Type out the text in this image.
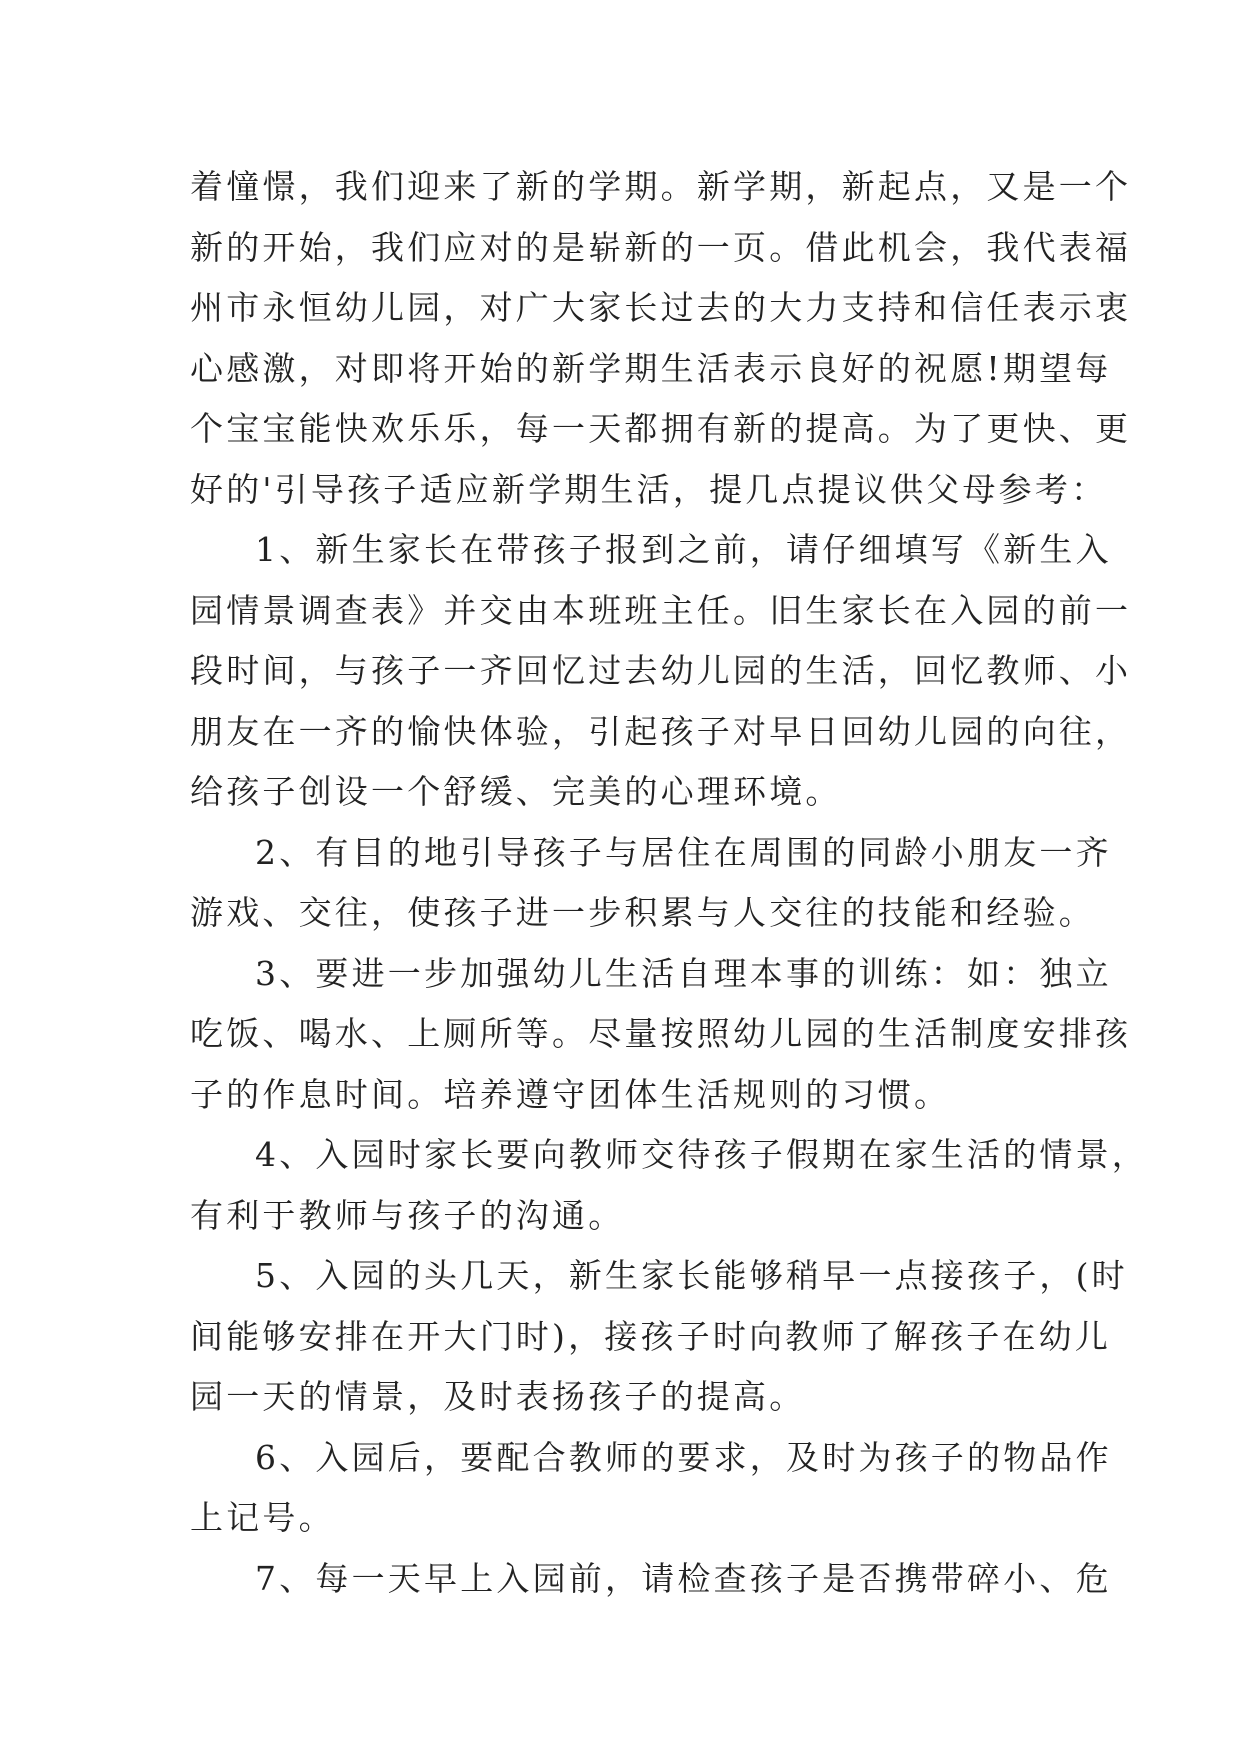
着憧憬，我们迎来了新的学期。新学期，新起点，又是一个
新的开始，我们应对的是崭新的一页。借此机会，我代表福
州市永恒幼儿园，对广大家长过去的大力支持和信任表示衷
心感激，对即将开始的新学期生活表示良好的祝愿!期望每
个宝宝能快欢乐乐，每一天都拥有新的提高。为了更快、更
好的'引导孩子适应新学期生活，提几点提议供父母参考：
1、新生家长在带孩子报到之前，请仔细填写《新生入
园情景调查表》并交由本班班主任。旧生家长在入园的前一
段时间，与孩子一齐回忆过去幼儿园的生活，回忆教师、小
朋友在一齐的愉快体验，引起孩子对早日回幼儿园的向往，
给孩子创设一个舒缓、完美的心理环境。
2、有目的地引导孩子与居住在周围的同龄小朋友一齐
游戏、交往，使孩子进一步积累与人交往的技能和经验。
3、要进一步加强幼儿生活自理本事的训练：如：独立
吃饭、喝水、上厕所等。尽量按照幼儿园的生活制度安排孩
子的作息时间。培养遵守团体生活规则的习惯。
4、入园时家长要向教师交待孩子假期在家生活的情景，
有利于教师与孩子的沟通。
5、入园的头几天，新生家长能够稍早一点接孩子，(时
间能够安排在开大门时)，接孩子时向教师了解孩子在幼儿
园一天的情景，及时表扬孩子的提高。
6、入园后，要配合教师的要求，及时为孩子的物品作
上记号。
7、每一天早上入园前，请检查孩子是否携带碎小、危
